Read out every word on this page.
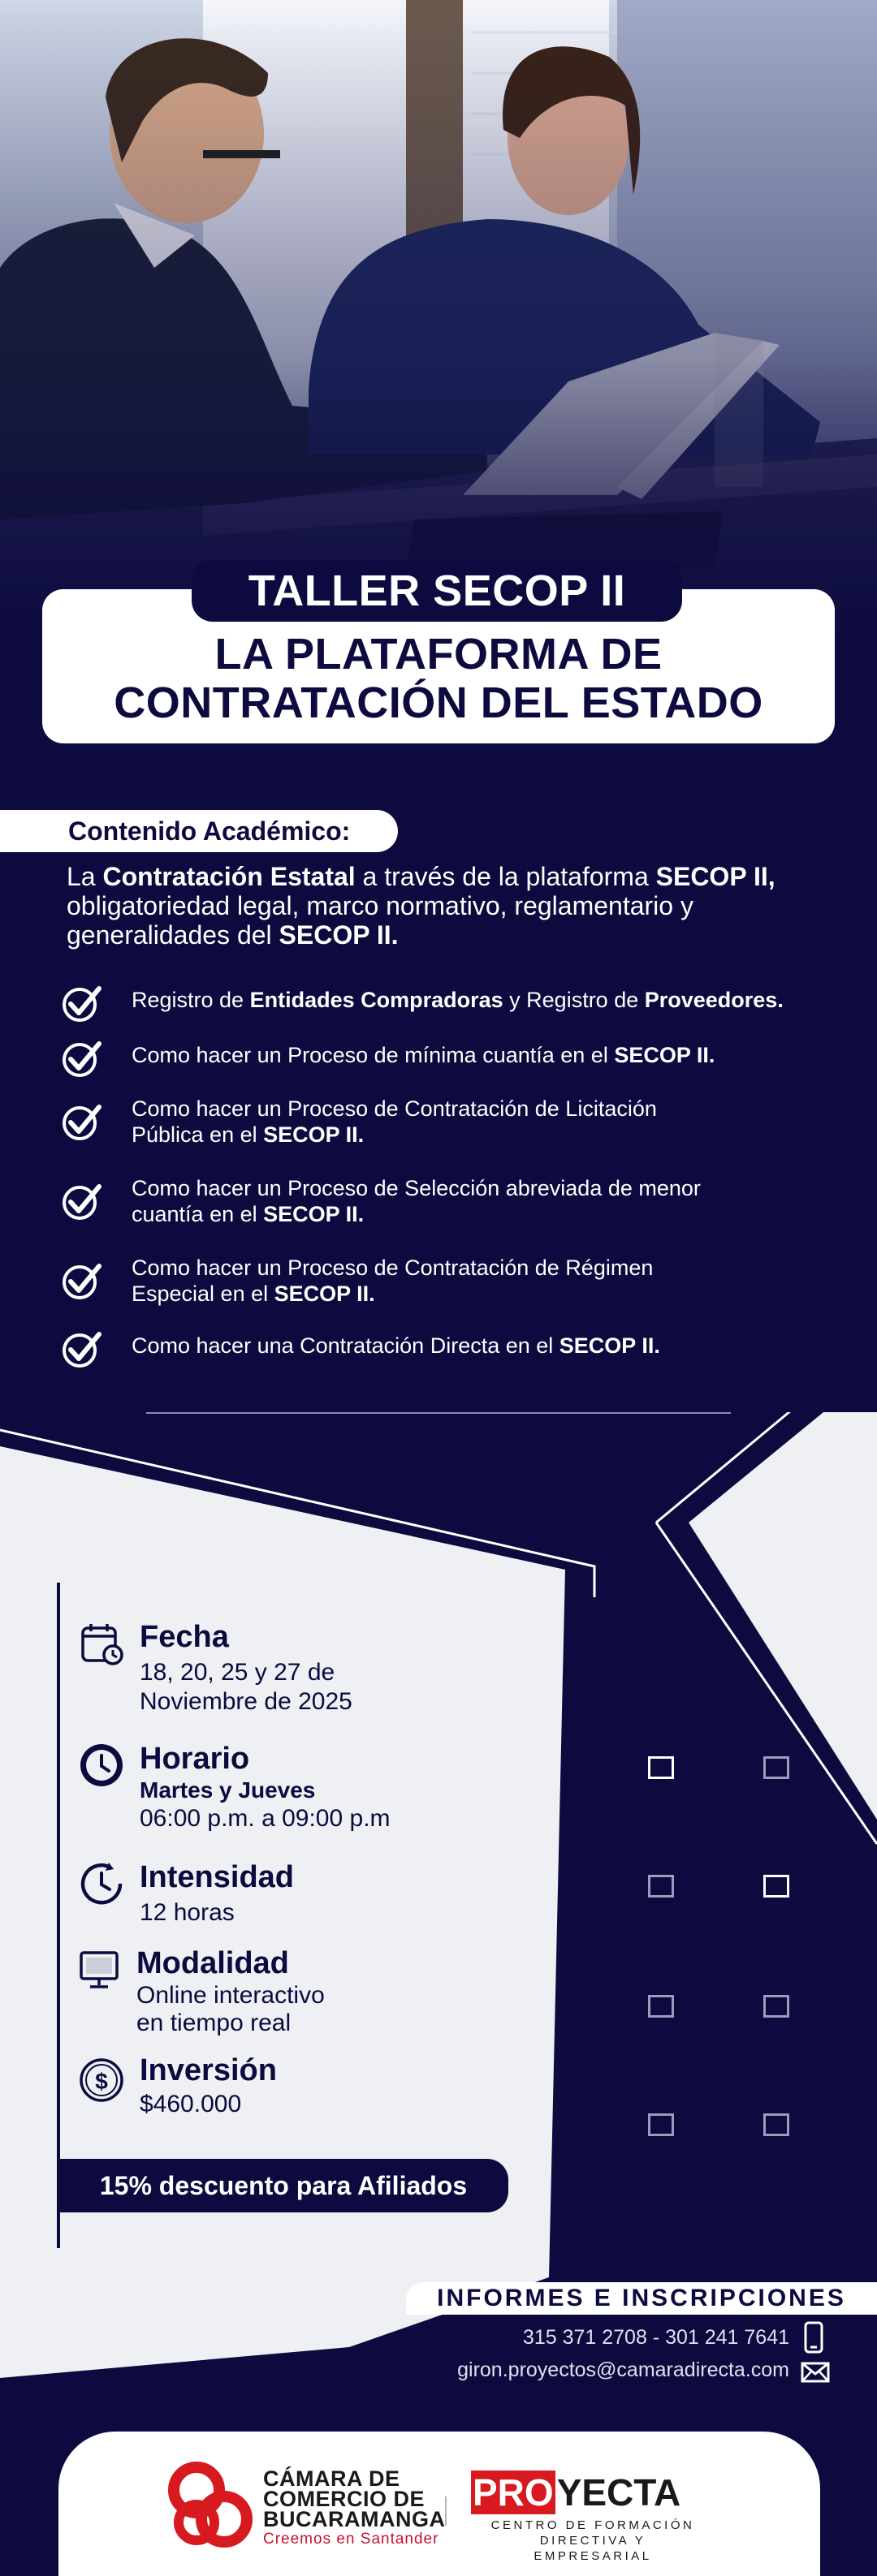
TALLER SECOP II
LA PLATAFORMA DE
CONTRATACIÓN DEL ESTADO
Contenido Académico:
La Contratación Estatal a través de la plataforma SECOP II, obligatoriedad legal, marco normativo, reglamentario y generalidades del SECOP II.
Registro de Entidades Compradoras y Registro de Proveedores.
Como hacer un Proceso de mínima cuantía en el SECOP II.
Como hacer un Proceso de Contratación de Licitación
Pública en el SECOP II.
Como hacer un Proceso de Selección abreviada de menor
cuantía en el SECOP II.
Como hacer un Proceso de Contratación de Régimen
Especial en el SECOP II.
Como hacer una Contratación Directa en el SECOP II.
Fecha
18, 20, 25 y 27 de
Noviembre de 2025
Horario
Martes y Jueves
06:00 p.m. a 09:00 p.m
Intensidad
12 horas
Modalidad
Online interactivo
en tiempo real
$ Inversión
$460.000
15% descuento para Afiliados
INFORMES E INSCRIPCIONES
315 371 2708 - 301 241 7641
giron.proyectos@camaradirecta.com
CÁMARA DE
COMERCIO DE
BUCARAMANGA
Creemos en Santander
PRO YECTA
CENTRO DE FORMACIÓN
DIRECTIVA Y EMPRESARIAL
